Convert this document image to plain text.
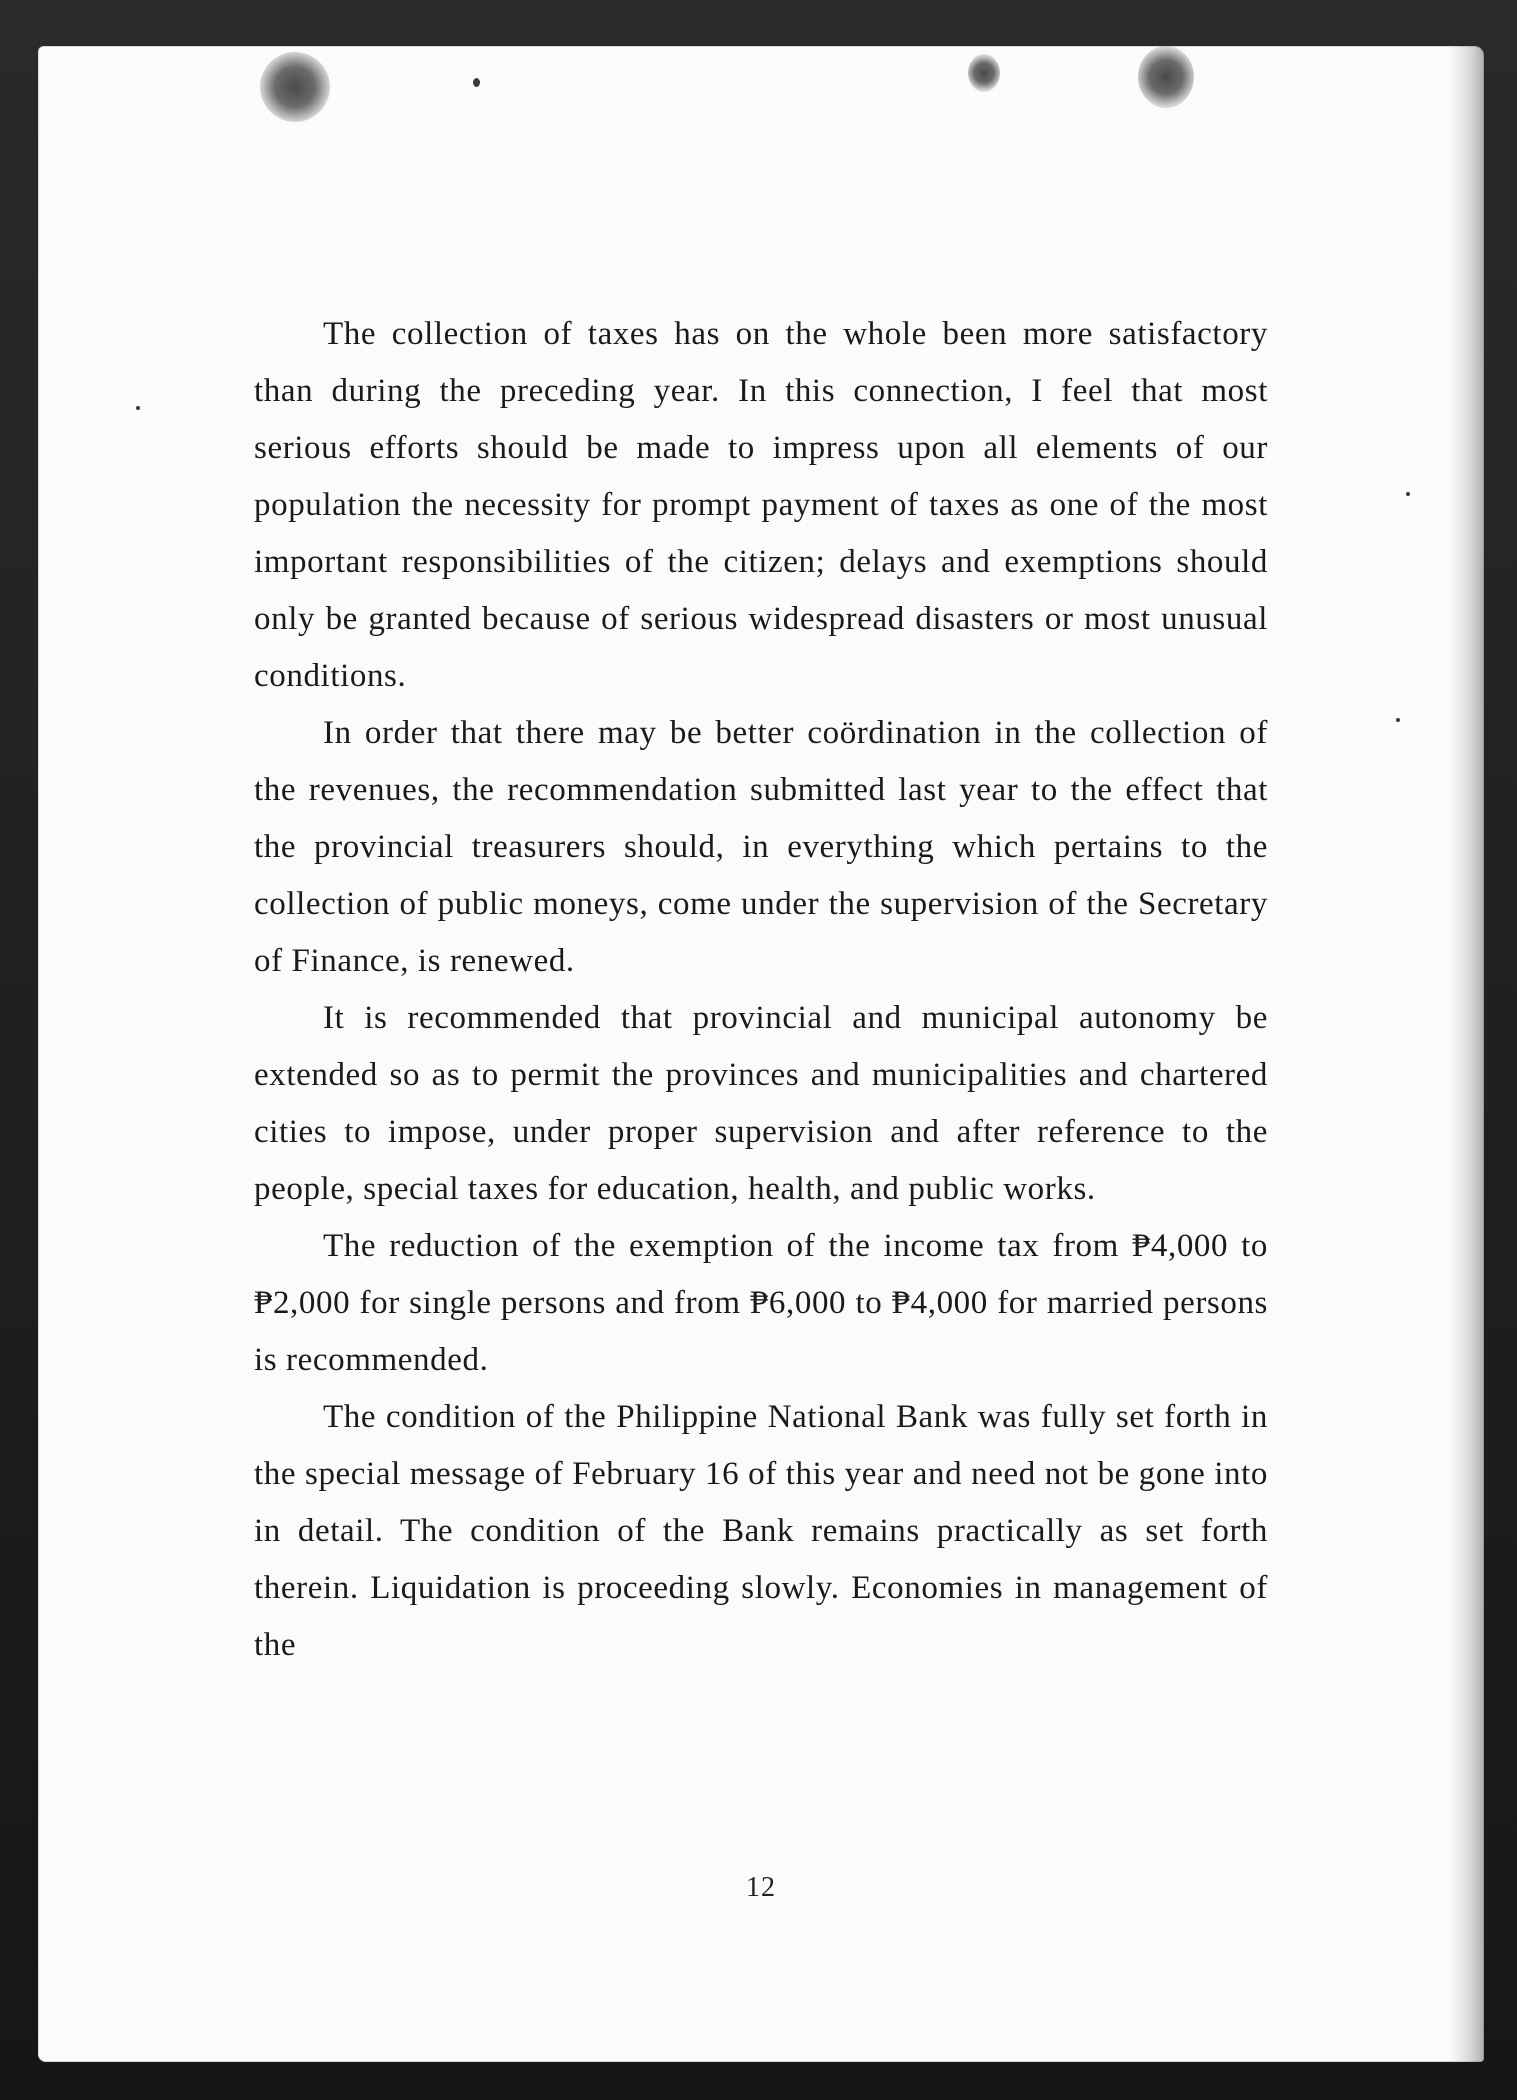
The collection of taxes has on the whole been more satisfactory than during the preceding year. In this connection, I feel that most serious efforts should be made to impress upon all elements of our population the necessity for prompt payment of taxes as one of the most important responsibilities of the citizen; delays and exemptions should only be granted because of serious widespread disasters or most unusual conditions.

In order that there may be better coördination in the collection of the revenues, the recommendation submitted last year to the effect that the provincial treasurers should, in everything which pertains to the collection of public moneys, come under the supervision of the Secretary of Finance, is renewed.

It is recommended that provincial and municipal autonomy be extended so as to permit the provinces and municipalities and chartered cities to impose, under proper supervision and after reference to the people, special taxes for education, health, and public works.

The reduction of the exemption of the income tax from ₱4,000 to ₱2,000 for single persons and from ₱6,000 to ₱4,000 for married persons is recommended.

The condition of the Philippine National Bank was fully set forth in the special message of February 16 of this year and need not be gone into in detail. The condition of the Bank remains practically as set forth therein. Liquidation is proceeding slowly. Economies in management of the

12
